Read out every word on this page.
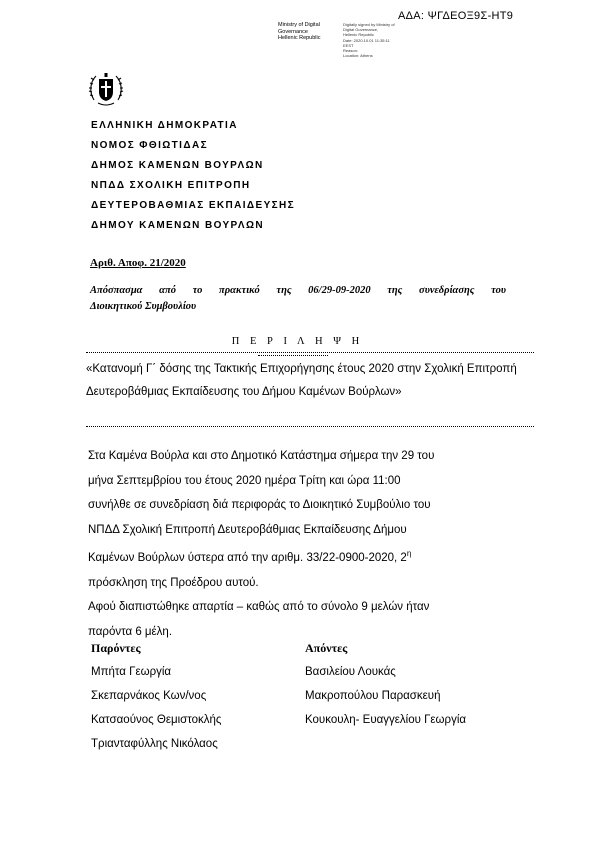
ΑΔΑ: ΨΓΔΕΟΞ9Σ-ΗΤ9
Ministry of Digital
Governance
Hellenic Republic
Digitally signed by Ministry of
Digital Governance,
Hellenic Republic
Date: 2020.10.01 11:35:11
EEST
Reason:
Location: Athens
ΕΛΛΗΝΙΚΗ ΔΗΜΟΚΡΑΤΙΑ
ΝΟΜΟΣ ΦΘΙΩΤΙΔΑΣ
ΔΗΜΟΣ ΚΑΜΕΝΩΝ ΒΟΥΡΛΩΝ
ΝΠΔΔ ΣΧΟΛΙΚΗ ΕΠΙΤΡΟΠΗ
ΔΕΥΤΕΡΟΒΑΘΜΙΑΣ ΕΚΠΑΙΔΕΥΣΗΣ
ΔΗΜΟΥ ΚΑΜΕΝΩΝ ΒΟΥΡΛΩΝ
Αριθ. Αποφ. 21/2020
Απόσπασμα από το πρακτικό της 06/29-09-2020 της συνεδρίασης του
Διοικητικού Συμβουλίου
Π Ε Ρ Ι Λ Η Ψ Η
«Κατανομή Γ΄ δόσης της Τακτικής Επιχορήγησης έτους 2020 στην Σχολική Επιτροπή Δευτεροβάθμιας Εκπαίδευσης του Δήμου Καμένων Βούρλων»

Στα Καμένα Βούρλα και στο Δημοτικό Κατάστημα σήμερα την 29 του

μήνα Σεπτεμβρίου του έτους 2020 ημέρα Τρίτη και ώρα 11:00

συνήλθε σε συνεδρίαση διά περιφοράς το Διοικητικό Συμβούλιο του

ΝΠΔΔ Σχολική Επιτροπή Δευτεροβάθμιας Εκπαίδευσης Δήμου

Καμένων Βούρλων ύστερα από την αριθμ. 33/22-0900-2020, $2^\eta$

πρόσκληση της Προέδρου αυτού.

Αφού διαπιστώθηκε απαρτία – καθώς από το σύνολο 9 μελών ήταν

παρόντα 6 μέλη.

Παρόντες
Μπήτα Γεωργία
Σκεπαρνάκος Κων/νος
Κατσαούνος Θεμιστοκλής
Τριανταφύλλης Νικόλαος
Απόντες
Βασιλείου Λουκάς
Μακροπούλου Παρασκευή
Κουκουλη- Ευαγγελίου Γεωργία
